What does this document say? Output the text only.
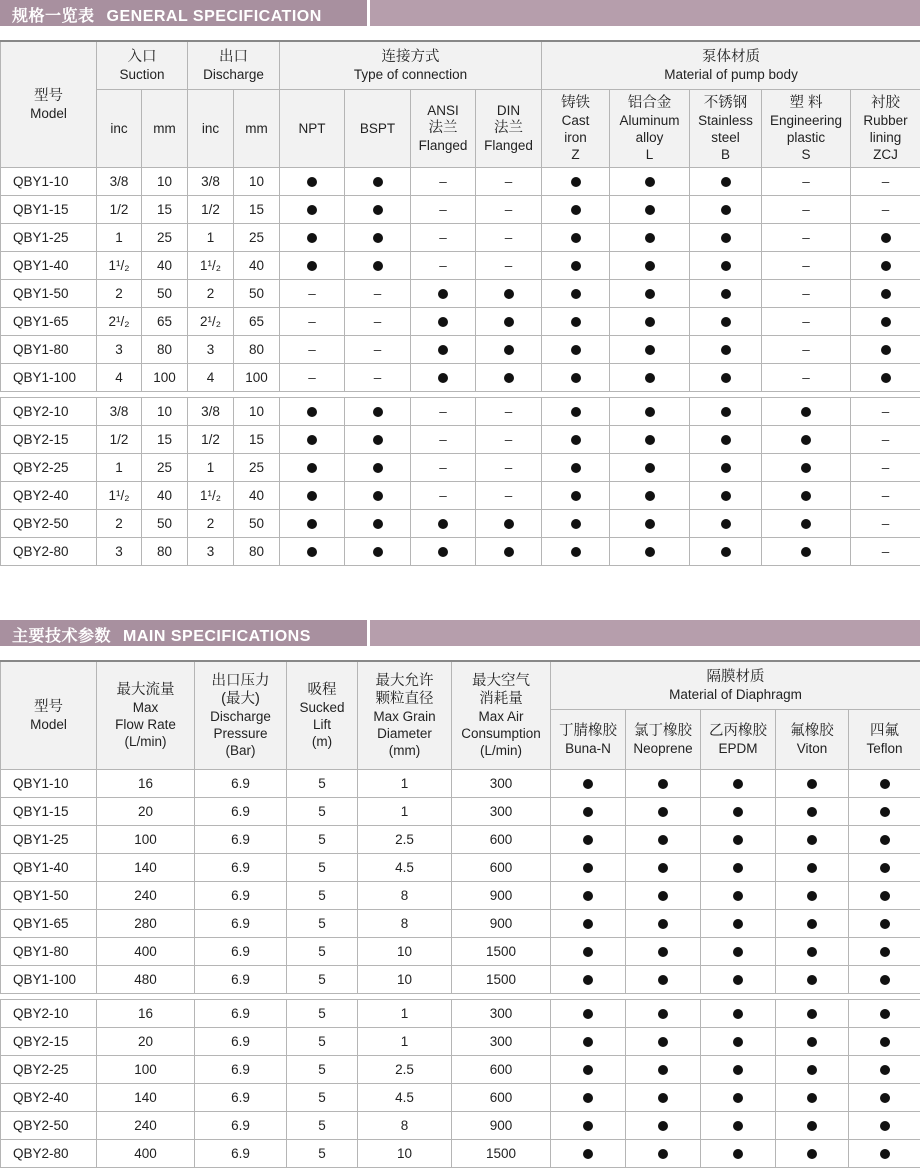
规格一览表 GENERAL SPECIFICATION
型号
Model	入口
Suction		出口
Discharge		连接方式
Type of connection				泵体材质
Material of pump body				
	inc	mm	inc	mm	NPT	BSPT	ANSI
法兰
Flanged	DIN
法兰
Flanged	铸铁
Cast
iron
Z	铝合金
Aluminum
alloy
L	不锈钢
Stainless
steel
B	塑 料
Engineering
plastic
S	衬胶
Rubber
lining
ZCJ
QBY1-10	3/8	10	3/8	10			–	–				–	–
QBY1-15	1/2	15	1/2	15			–	–				–	–
QBY1-25	1	25	1	25			–	–				–	
QBY1-40	1¹/₂	40	1¹/₂	40			–	–				–	
QBY1-50	2	50	2	50	–	–						–	
QBY1-65	2¹/₂	65	2¹/₂	65	–	–						–	
QBY1-80	3	80	3	80	–	–						–	
QBY1-100	4	100	4	100	–	–						–	

QBY2-10	3/8	10	3/8	10			–	–					–
QBY2-15	1/2	15	1/2	15			–	–					–
QBY2-25	1	25	1	25			–	–					–
QBY2-40	1¹/₂	40	1¹/₂	40			–	–					–
QBY2-50	2	50	2	50									–
QBY2-80	3	80	3	80									–
主要技术参数 MAIN SPECIFICATIONS
型号
Model	最大流量
Max
Flow Rate
(L/min)	出口压力
(最大)
Discharge
Pressure
(Bar)	吸程
Sucked
Lift
(m)	最大允许
颗粒直径
Max Grain
Diameter
(mm)	最大空气
消耗量
Max Air
Consumption
(L/min)	隔膜材质
Material of Diaphragm				
						丁腈橡胶
Buna-N	氯丁橡胶
Neoprene	乙丙橡胶
EPDM	氟橡胶
Viton	四氟
Teflon
QBY1-10	16	6.9	5	1	300					
QBY1-15	20	6.9	5	1	300					
QBY1-25	100	6.9	5	2.5	600					
QBY1-40	140	6.9	5	4.5	600					
QBY1-50	240	6.9	5	8	900					
QBY1-65	280	6.9	5	8	900					
QBY1-80	400	6.9	5	10	1500					
QBY1-100	480	6.9	5	10	1500					

QBY2-10	16	6.9	5	1	300					
QBY2-15	20	6.9	5	1	300					
QBY2-25	100	6.9	5	2.5	600					
QBY2-40	140	6.9	5	4.5	600					
QBY2-50	240	6.9	5	8	900					
QBY2-80	400	6.9	5	10	1500					
